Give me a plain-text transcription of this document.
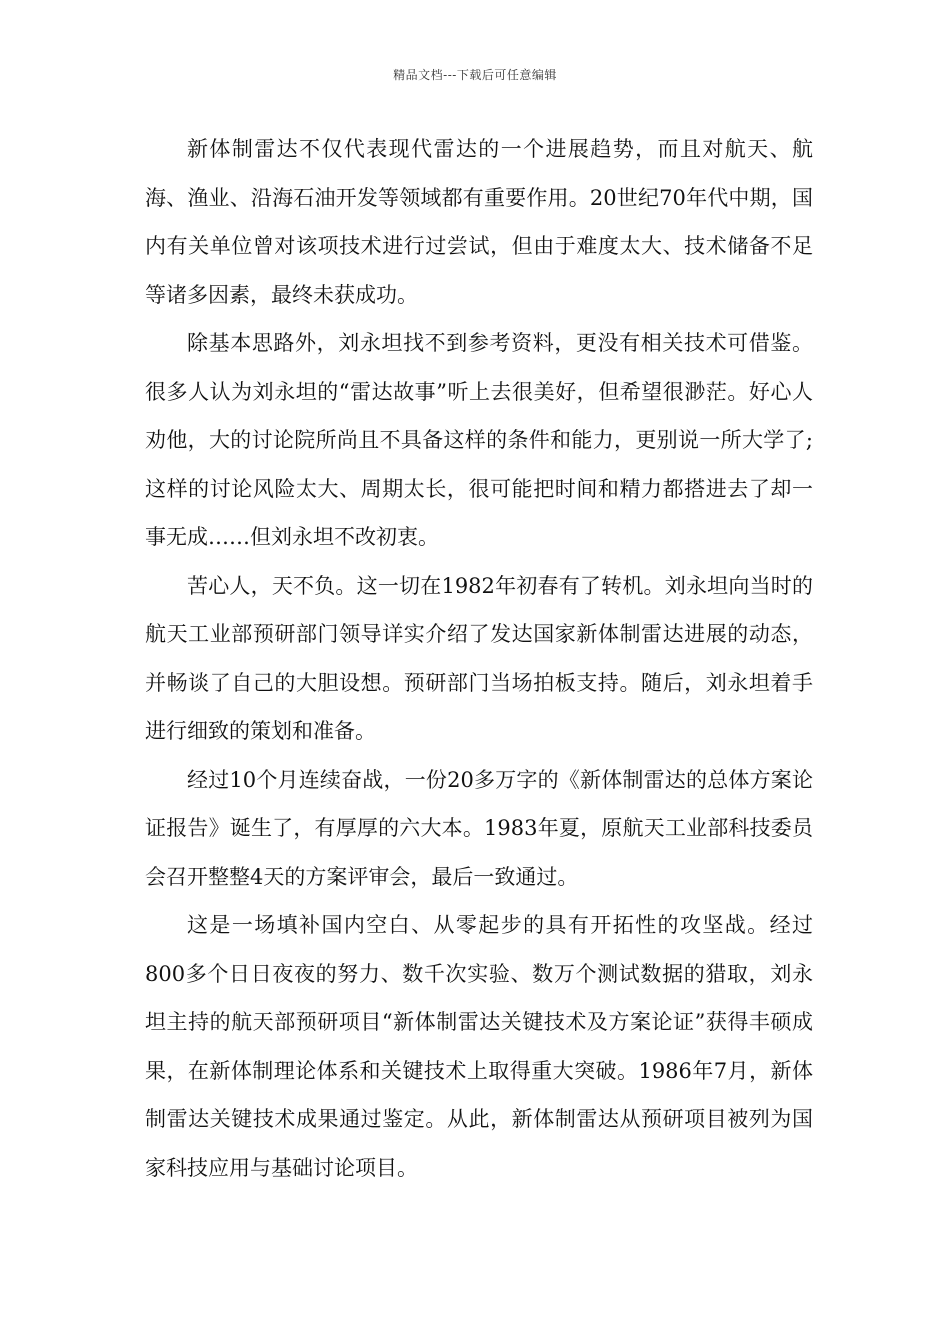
精品文档---下载后可任意编辑

新体制雷达不仅代表现代雷达的一个进展趋势，而且对航天、航海、渔业、沿海石油开发等领域都有重要作用。20世纪70年代中期，国内有关单位曾对该项技术进行过尝试，但由于难度太大、技术储备不足等诸多因素，最终未获成功。

除基本思路外，刘永坦找不到参考资料，更没有相关技术可借鉴。很多人认为刘永坦的“雷达故事”听上去很美好，但希望很渺茫。好心人劝他，大的讨论院所尚且不具备这样的条件和能力，更别说一所大学了;这样的讨论风险太大、周期太长，很可能把时间和精力都搭进去了却一事无成……但刘永坦不改初衷。

苦心人，天不负。这一切在1982年初春有了转机。刘永坦向当时的航天工业部预研部门领导详实介绍了发达国家新体制雷达进展的动态，并畅谈了自己的大胆设想。预研部门当场拍板支持。随后，刘永坦着手进行细致的策划和准备。

经过10个月连续奋战，一份20多万字的《新体制雷达的总体方案论证报告》诞生了，有厚厚的六大本。1983年夏，原航天工业部科技委员会召开整整4天的方案评审会，最后一致通过。

这是一场填补国内空白、从零起步的具有开拓性的攻坚战。经过800多个日日夜夜的努力、数千次实验、数万个测试数据的猎取，刘永坦主持的航天部预研项目“新体制雷达关键技术及方案论证”获得丰硕成果，在新体制理论体系和关键技术上取得重大突破。1986年7月，新体制雷达关键技术成果通过鉴定。从此，新体制雷达从预研项目被列为国家科技应用与基础讨论项目。
